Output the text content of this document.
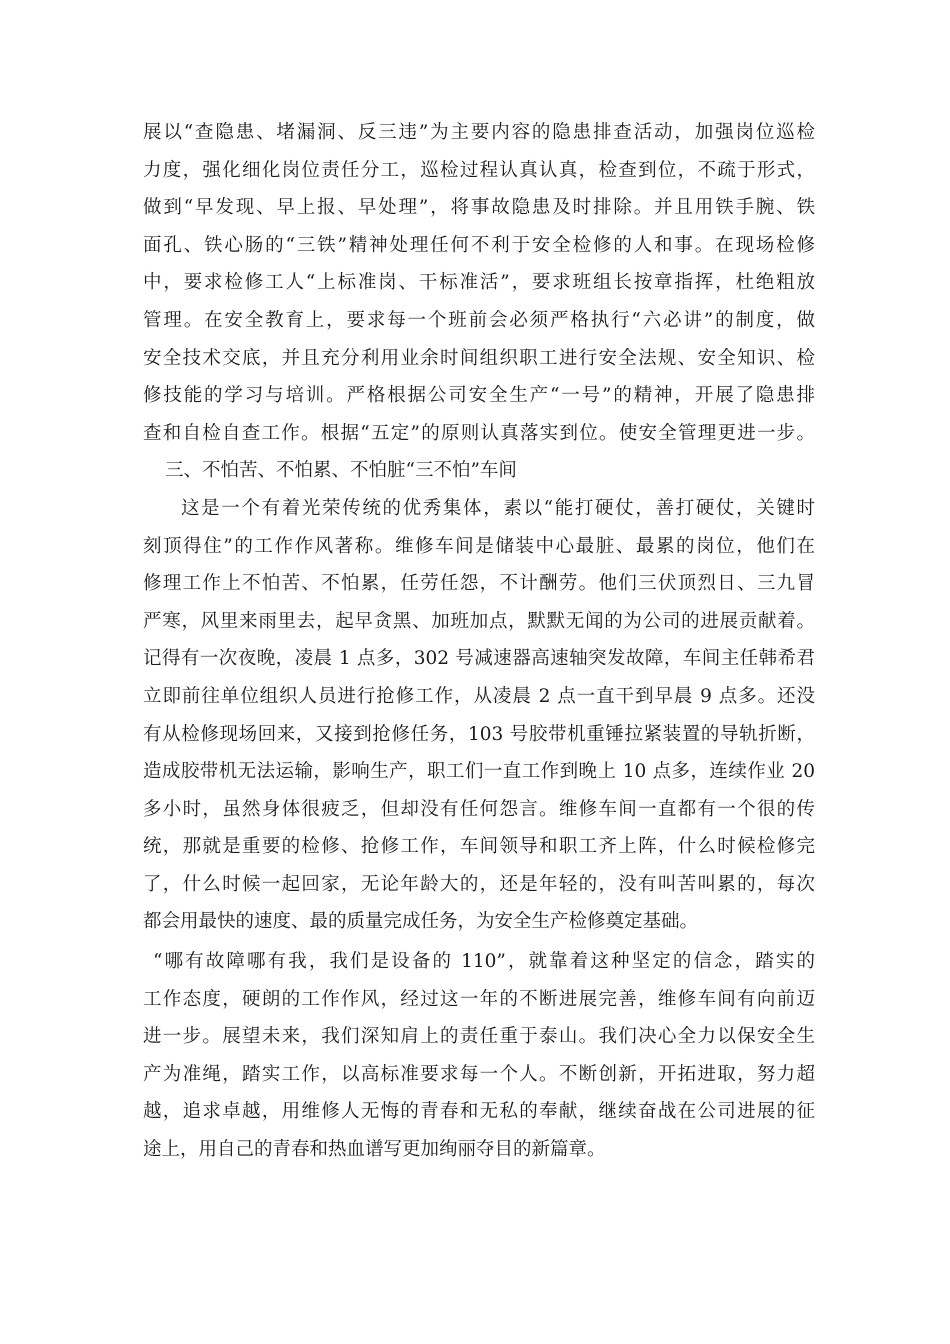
展以“查隐患、堵漏洞、反三违”为主要内容的隐患排查活动，加强岗位巡检
力度，强化细化岗位责任分工，巡检过程认真认真，检查到位，不疏于形式，
做到“早发现、早上报、早处理”，将事故隐患及时排除。并且用铁手腕、铁
面孔、铁心肠的“三铁”精神处理任何不利于安全检修的人和事。在现场检修
中，要求检修工人“上标准岗、干标准活”，要求班组长按章指挥，杜绝粗放
管理。在安全教育上，要求每一个班前会必须严格执行“六必讲”的制度，做
安全技术交底，并且充分利用业余时间组织职工进行安全法规、安全知识、检
修技能的学习与培训。严格根据公司安全生产“一号”的精神，开展了隐患排
查和自检自查工作。根据“五定”的原则认真落实到位。使安全管理更进一步。
三、不怕苦、不怕累、不怕脏“三不怕”车间
这是一个有着光荣传统的优秀集体，素以“能打硬仗，善打硬仗，关键时
刻顶得住”的工作作风著称。维修车间是储装中心最脏、最累的岗位，他们在
修理工作上不怕苦、不怕累，任劳任怨，不计酬劳。他们三伏顶烈日、三九冒
严寒，风里来雨里去，起早贪黑、加班加点，默默无闻的为公司的进展贡献着。
记得有一次夜晚，凌晨 1 点多，302 号减速器高速轴突发故障，车间主任韩希君
立即前往单位组织人员进行抢修工作，从凌晨 2 点一直干到早晨 9 点多。还没
有从检修现场回来，又接到抢修任务，103 号胶带机重锤拉紧装置的导轨折断，
造成胶带机无法运输，影响生产，职工们一直工作到晚上 10 点多，连续作业 20
多小时，虽然身体很疲乏，但却没有任何怨言。维修车间一直都有一个很的传
统，那就是重要的检修、抢修工作，车间领导和职工齐上阵，什么时候检修完
了，什么时候一起回家，无论年龄大的，还是年轻的，没有叫苦叫累的，每次
都会用最快的速度、最的质量完成任务，为安全生产检修奠定基础。
“哪有故障哪有我，我们是设备的 110”，就靠着这种坚定的信念，踏实的
工作态度，硬朗的工作作风，经过这一年的不断进展完善，维修车间有向前迈
进一步。展望未来，我们深知肩上的责任重于泰山。我们决心全力以保安全生
产为准绳，踏实工作，以高标准要求每一个人。不断创新，开拓进取，努力超
越，追求卓越，用维修人无悔的青春和无私的奉献，继续奋战在公司进展的征
途上，用自己的青春和热血谱写更加绚丽夺目的新篇章。
